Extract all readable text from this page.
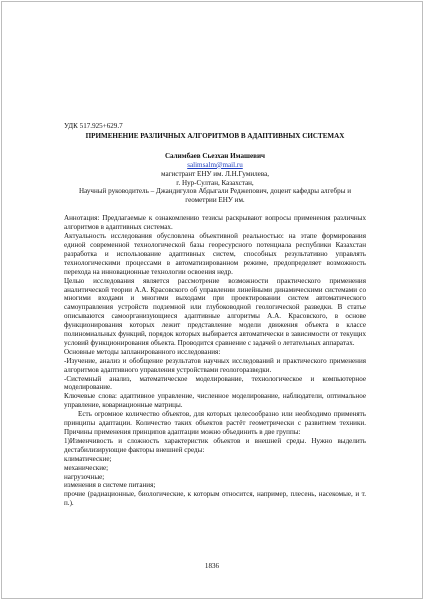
УДК 517.925+629.7
ПРИМЕНЕНИЕ РАЗЛИЧНЫХ АЛГОРИТМОВ В АДАПТИВНЫХ СИСТЕМАХ
Салимбаев Сьезхан Имашевич
salimsalm@mail.ru
магистрант ЕНУ им. Л.Н.Гумилева,
г. Нур-Султан, Казахстан,
Научный руководитель – Джандигулов Абдыгали Реджепович, доцент кафедры алгебры и
геометрии ЕНУ им.

Аннотация: Предлагаемые к ознакомлению тезисы раскрывают вопросы применения различных алгоритмов в адаптивных системах.

Актуальность исследования обусловлена объективной реальностью: на этапе формирования единой современной технологической базы георесурсного потенциала республики Казахстан разработка и использование адаптивных систем, способных результативно управлять технологическими процессами в автоматизированном режиме, предопределяет возможность перехода на инновационные технологии освоения недр.

Целью исследования является рассмотрение возможности практического применения аналитической теории А.А. Красовского об управлении линейными динамическими системами со многими входами и многими выходами при проектировании систем автоматического самоуправления устройств подземной или глубоководной геологической разведки. В статье описываются самоорганизующиеся адаптивные алгоритмы А.А. Красовского, в основе функционирования которых лежит представление модели движения объекта в классе полиномиальных функций, порядок которых выбирается автоматически в зависимости от текущих условий функционирования объекта. Проводится сравнение с задачей о летательных аппаратах.

Основные методы запланированного исследования:

-Изучение, анализ и обобщение результатов научных исследований и практического применения алгоритмов адаптивного управления устройствами геологоразведки.

-Системный анализ, математическое моделирование, технологическое и компьютерное моделирование.

Ключевые слова: адаптивное управление, численное моделирование, наблюдатели, оптимальное управление, ковариационные матрицы.

Есть огромное количество объектов, для которых целесообразно или необходимо применять принципы адаптации. Количество таких объектов растёт геометрически с развитием техники. Причины применения принципов адаптации можно объединить в две группы:

1)Изменчивость и сложность характеристик объектов и внешней среды. Нужно выделить дестабилизирующие факторы внешней среды:

климатические;

механические;

нагрузочные;

изменения в системе питания;

прочие (радиационные, биологические, к которым относится, например, плесень, насекомые, и т. п.).

1836
